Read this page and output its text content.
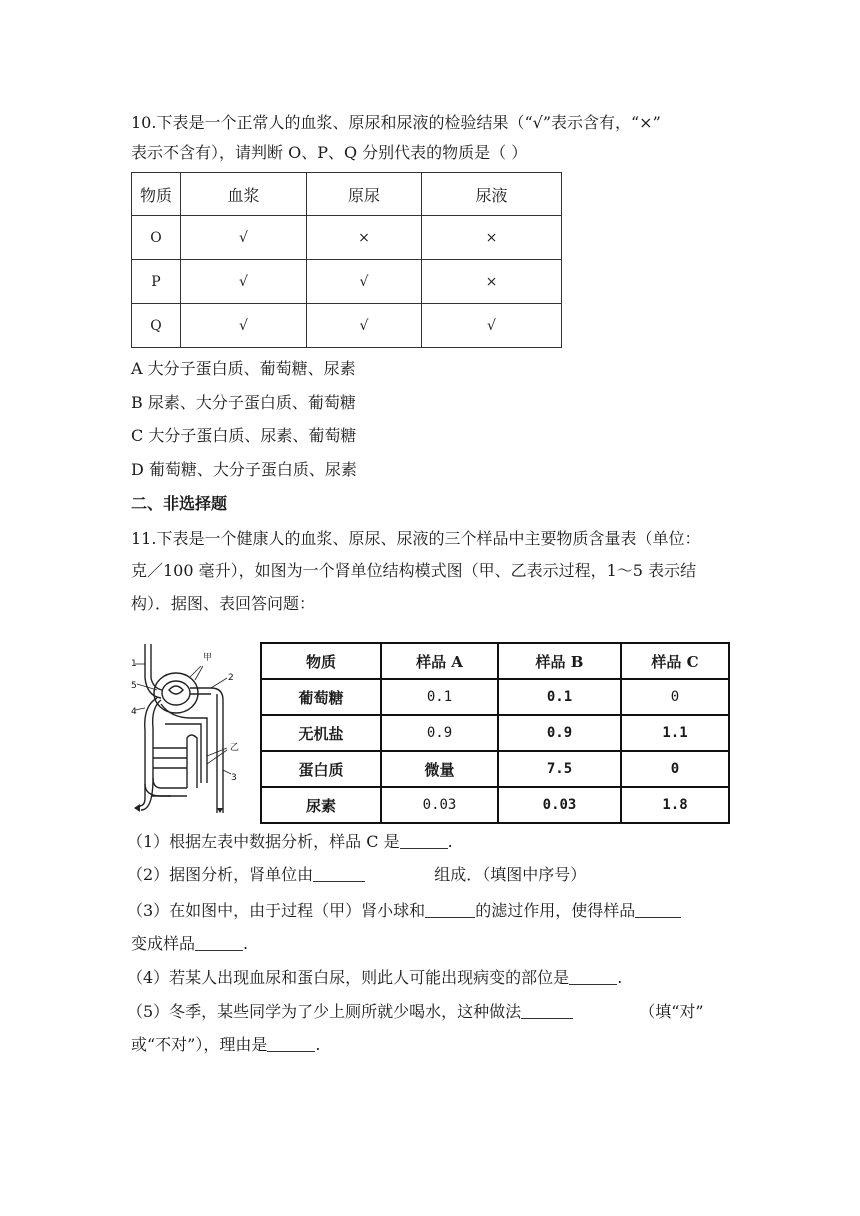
10.下表是一个正常人的血浆、原尿和尿液的检验结果（“√”表示含有，“×”
表示不含有），请判断 O、P、Q 分别代表的物质是（ ）
物质	血浆	原尿	尿液
O	√	×	×
P	√	√	×
Q	√	√	√
A 大分子蛋白质、葡萄糖、尿素
B 尿素、大分子蛋白质、葡萄糖
C 大分子蛋白质、尿素、葡萄糖
D 葡萄糖、大分子蛋白质、尿素
二、非选择题
11.下表是一个健康人的血浆、原尿、尿液的三个样品中主要物质含量表（单位：
克／100 毫升），如图为一个肾单位结构模式图（甲、乙表示过程，1～5 表示结
构）．据图、表回答问题：
甲
2
乙
3
1
5
4
物质	样品 A	样品 B	样品 C
葡萄糖	0.1	0.1	0
无机盐	0.9	0.9	1.1
蛋白质	微量	7.5	0
尿素	0.03	0.03	1.8
（1）根据左表中数据分析，样品 C 是	.
（2）据图分析，肾单位由	组成．（填图中序号）
（3）在如图中，由于过程（甲）肾小球和	的滤过作用，使得样品
变成样品	.
（4）若某人出现血尿和蛋白尿，则此人可能出现病变的部位是	.
（5）冬季，某些同学为了少上厕所就少喝水，这种做法	（填“对”
或“不对”），理由是	.
